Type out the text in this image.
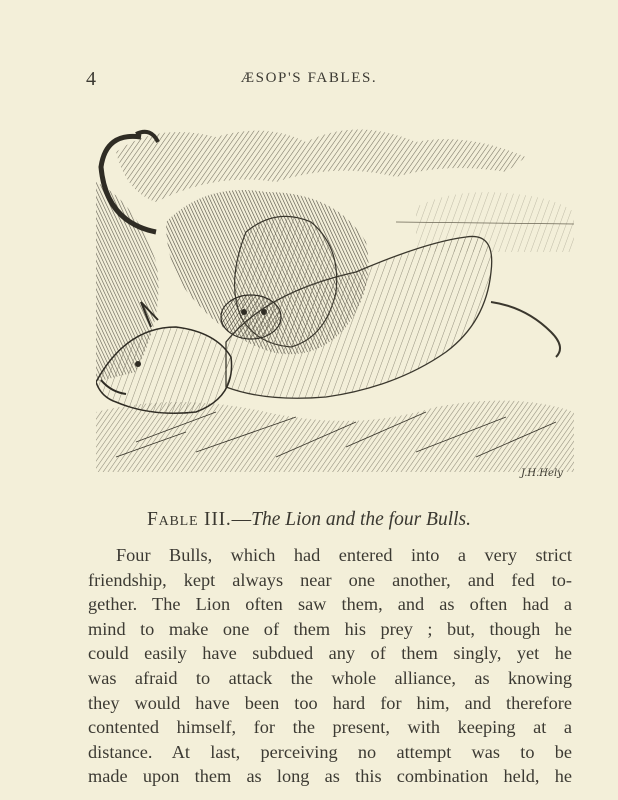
4	ÆSOP'S FABLES.
J.H.Hely
Fable III.—The Lion and the four Bulls.
Four Bulls, which had entered into a very strict
friendship, kept always near one another, and fed to-
gether. The Lion often saw them, and as often had a
mind to make one of them his prey ; but, though he
could easily have subdued any of them singly, yet he
was afraid to attack the whole alliance, as knowing
they would have been too hard for him, and therefore
contented himself, for the present, with keeping at a
distance. At last, perceiving no attempt was to be
made upon them as long as this combination held, he
